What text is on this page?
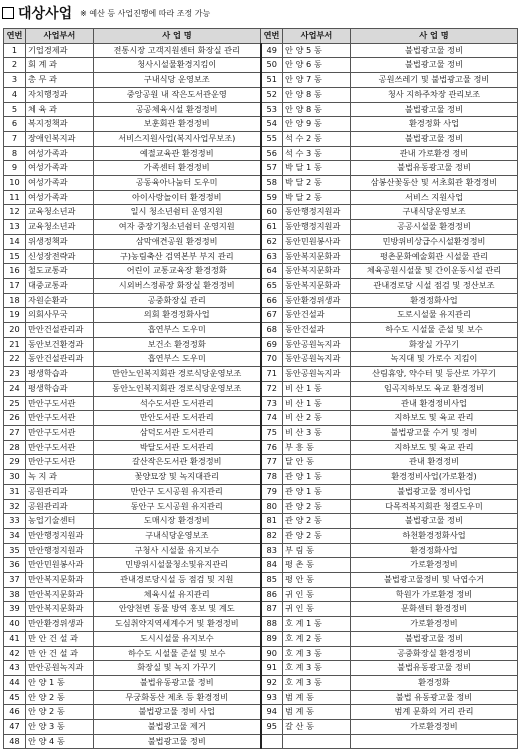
대상사업 ※ 예산 등 사업진행에 따라 조정 가능
연번	사업부서	사 업 명	연번	사업부서	사 업 명
1	기업경제과	전통시장 고객지원센터 화장실 관리	49	안 양 5 동	불법광고물 정비
2	회 계 과	청사시설물환경지킴이	50	안 양 6 동	불법광고물 정비
3	총 무 과	구내식당 운영보조	51	안 양 7 동	공원쓰레기 및 불법광고물 정비
4	자치행정과	중앙공원 내 작은도서관운영	52	안 양 8 동	청사 지하주차장 관리보조
5	체 육 과	공공체육시설 환경정비	53	안 양 8 동	불법광고물 정비
6	복지정책과	보훈회관 환경정비	54	안 양 9 동	환경정화 사업
7	장애인복지과	서비스지원사업(복지사업무보조)	55	석 수 2 동	불법광고물 정비
8	여성가족과	예절교육관 환경정비	56	석 수 3 동	관내 가로환경 정비
9	여성가족과	가족센터 환경정비	57	박 달 1 동	불법유동광고물 정비
10	여성가족과	공동육아나눔터 도우미	58	박 달 2 동	삼봉산꽃동산 및 서초회관 환경정비
11	여성가족과	아이사랑놀이터 환경정비	59	박 달 2 동	서비스 지원사업
12	교육청소년과	일시 청소년쉼터 운영지원	60	동안행정지원과	구내식당운영보조
13	교육청소년과	여자 중장기청소년쉼터 운영지원	61	동안행정지원과	공공시설물 환경정비
14	위생정책과	삼막애견공원 환경정비	62	동안민원봉사과	민방위비상급수시설환경정비
15	신성장전략과	구)농림축산 검역본부 부지 관리	63	동안복지문화과	평촌문화예술회관 시설물 관리
16	철도교통과	어린이 교통교육장 환경정화	64	동안복지문화과	체육공원시설물 및 간이운동시설 관리
17	대중교통과	시외버스정류장 화장실 환경정비	65	동안복지문화과	관내경로당 시설 점검 및 정산보조
18	자원순환과	공중화장실 관리	66	동안환경위생과	환경정화사업
19	의회사무국	의회 환경정화사업	67	동안건설과	도로시설물 유지관리
20	만안건설관리과	흡연부스 도우미	68	동안건설과	하수도 시설물 준설 및 보수
21	동안보건환경과	보건소 환경정화	69	동안공원녹지과	화장실 가꾸기
22	동안건설관리과	흡연부스 도우미	70	동안공원녹지과	녹지대 및 가로수 지킴이
23	평생학습과	만안노인복지회관 경로식당운영보조	71	동안공원녹지과	산림휴양, 약수터 및 등산로 가꾸기
24	평생학습과	동안노인복지회관 경로식당운영보조	72	비 산 1 동	임곡지하보도 육교 환경정비
25	만안구도서관	석수도서관 도서관리	73	비 산 1 동	관내 환경정비사업
26	만안구도서관	만안도서관 도서관리	74	비 산 2 동	지하보도 및 육교 관리
27	만안구도서관	삼덕도서관 도서관리	75	비 산 3 동	불법광고물 수거 및 정비
28	만안구도서관	박달도서관 도서관리	76	부 흥 동	지하보도 및 육교 관리
29	만안구도서관	갈산작은도서관 환경정비	77	달 안 동	관내 환경정비
30	녹 지 과	꽃양묘장 및 녹지대관리	78	관 양 1 동	환경정비사업(가로환경)
31	공원관리과	만안구 도시공원 유지관리	79	관 양 1 동	불법광고물 정비사업
32	공원관리과	동안구 도시공원 유지관리	80	관 양 2 동	다목적복지회관 청결도우미
33	농업기술센터	도매시장 환경정비	81	관 양 2 동	불법광고물 정비
34	만안행정지원과	구내식당운영보조	82	관 양 2 동	하천환경정화사업
35	만안행정지원과	구청사 시설물 유지보수	83	부 림 동	환경정화사업
36	만안민원봉사과	민방위시설물청소및유지관리	84	평 촌 동	가로환경정비
37	만안복지문화과	관내경로당시설 등 점검 및 지원	85	평 안 동	불법광고물정비 및 낙엽수거
38	만안복지문화과	체육시설 유지관리	86	귀 인 동	학원가 가로환경 정비
39	만안복지문화과	안양천변 동물 방역 홍보 및 계도	87	귀 인 동	문화센터 환경정비
40	만안환경위생과	도심취약지역세계수거 및 환경정비	88	호 계 1 동	가로환경정비
41	만 안 건 설 과	도시시설물 유지보수	89	호 계 2 동	불법광고물 정비
42	만 안 건 설 과	하수도 시설물 준설 및 보수	90	호 계 3 동	공중화장실 환경정비
43	만안공원녹지과	화장실 및 녹지 가꾸기	91	호 계 3 동	불법유동광고물 정비
44	안 양 1 동	불법유동광고물 정비	92	호 계 3 동	환경정화
45	안 양 2 동	무궁화동산 제초 등 환경정비	93	범 계 동	불법 유동광고물 정비
46	안 양 2 동	불법광고물 정비 사업	94	범 계 동	범계 문화의 거리 관리
47	안 양 3 동	불법광고물 제거	95	갈 산 동	가로환경정비
48	안 양 4 동	불법광고물 정비			
